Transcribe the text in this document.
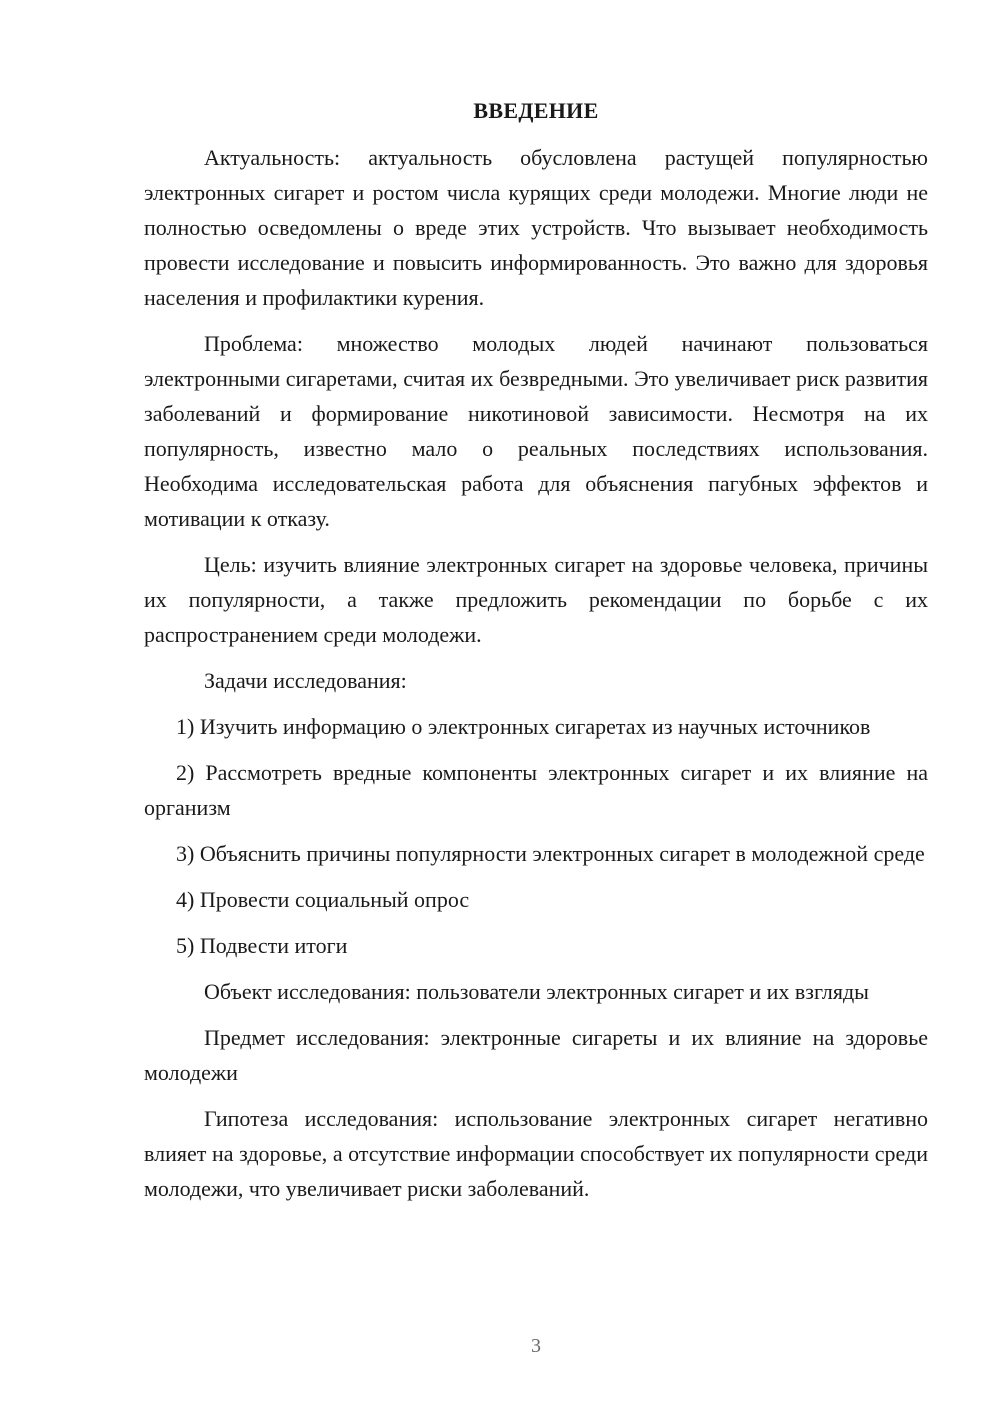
ВВЕДЕНИЕ

Актуальность: актуальность обусловлена растущей популярностью электронных сигарет и ростом числа курящих среди молодежи. Многие люди не полностью осведомлены о вреде этих устройств. Что вызывает необходимость провести исследование и повысить информированность. Это важно для здоровья населения и профилактики курения.

Проблема: множество молодых людей начинают пользоваться электронными сигаретами, считая их безвредными. Это увеличивает риск развития заболеваний и формирование никотиновой зависимости. Несмотря на их популярность, известно мало о реальных последствиях использования. Необходима исследовательская работа для объяснения пагубных эффектов и мотивации к отказу.

Цель: изучить влияние электронных сигарет на здоровье человека, причины их популярности, а также предложить рекомендации по борьбе с их распространением среди молодежи.

Задачи исследования:

1) Изучить информацию о электронных сигаретах из научных источников

2) Рассмотреть вредные компоненты электронных сигарет и их влияние на организм

3) Объяснить причины популярности электронных сигарет в молодежной среде

4) Провести социальный опрос

5) Подвести итоги

Объект исследования: пользователи электронных сигарет и их взгляды

Предмет исследования: электронные сигареты и их влияние на здоровье молодежи

Гипотеза исследования: использование электронных сигарет негативно влияет на здоровье, а отсутствие информации способствует их популярности среди молодежи, что увеличивает риски заболеваний.

3
